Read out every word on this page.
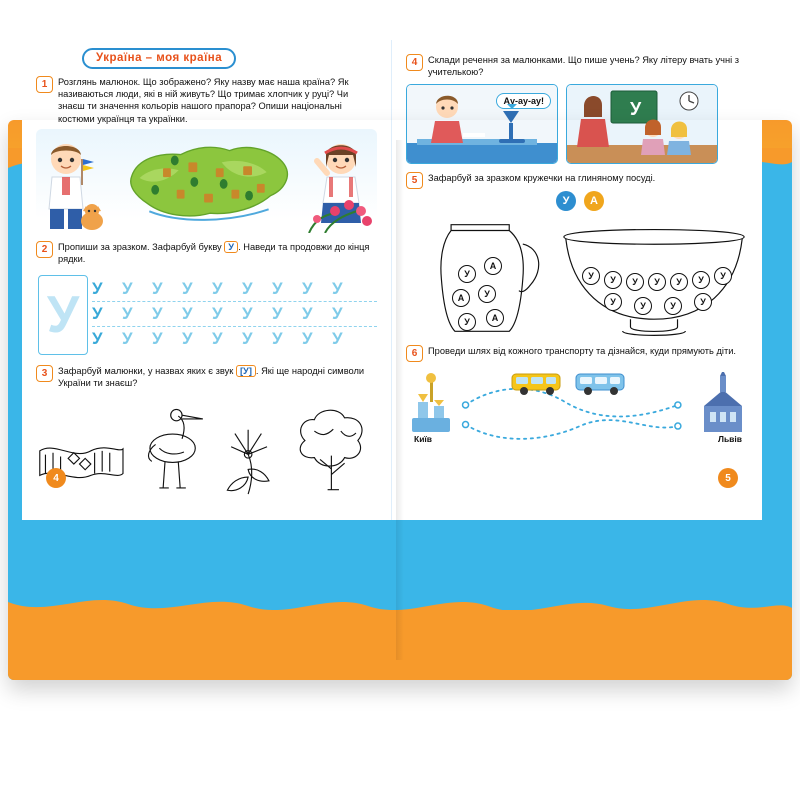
Україна – моя країна
1	Розглянь малюнок. Що зображено? Яку назву має наша країна? Як називаються люди, які в ній живуть? Що тримає хлопчик у руці? Чи знаєш ти значення кольорів нашого прапора? Опиши національні костюми українця та українки.
2	Пропиши за зразком. Зафарбуй букву У . Наведи та продовжи до кінця рядки.
У У У У У У У У У У
У У У У У У У У У
У У У У У У У У У
3	Зафарбуй малюнки, у назвах яких є звук [У] . Які ще народні символи України ти знаєш?
4
4	Склади речення за малюнками. Що пише учень? Яку літеру вчать учні з учителькою?
Ау-ау-ау!	У
5	Зафарбуй за зразком кружечки на глиняному посуді.
У	А
У
А
А	У
У	А
У	У	У	У	У	У	У
У	У	У	У
6	Проведи шлях від кожного транспорту та дізнайся, куди прямують діти.
Київ	Львів
5
